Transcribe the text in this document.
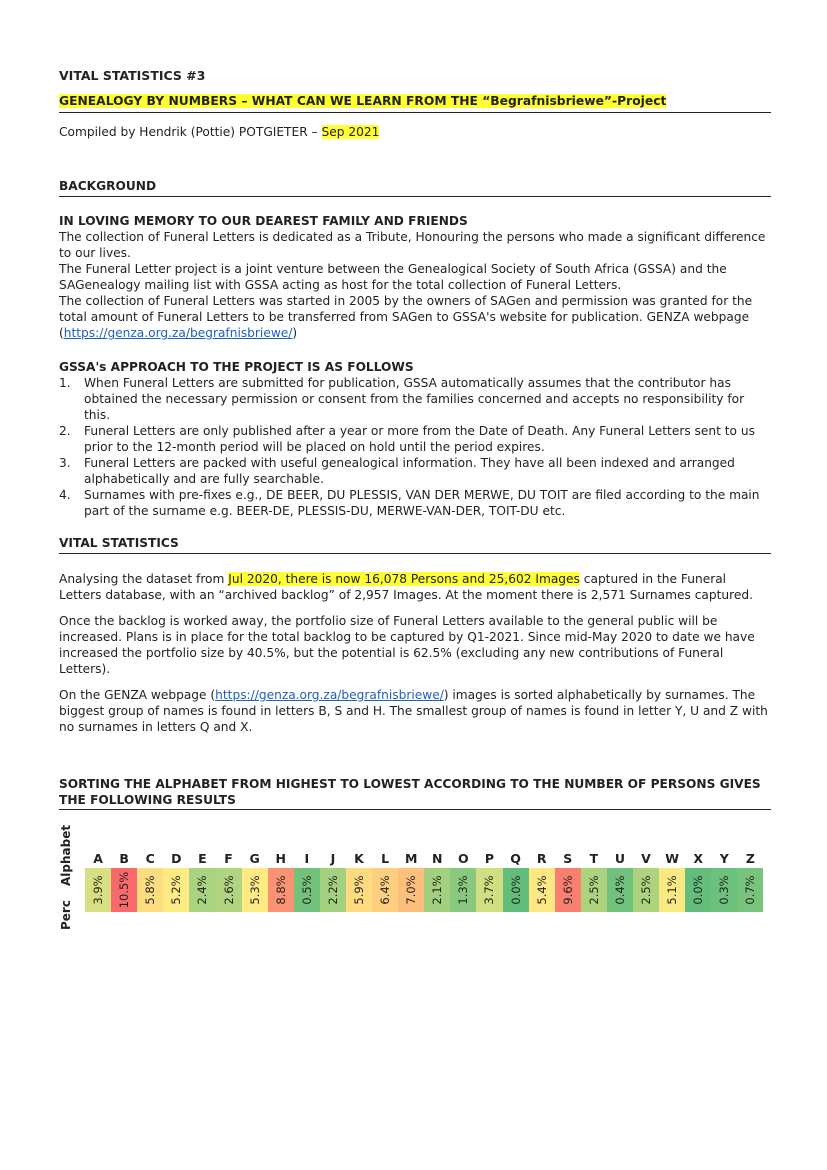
VITAL STATISTICS #3
GENEALOGY BY NUMBERS – WHAT CAN WE LEARN FROM THE “Begrafnisbriewe”-Project
Compiled by Hendrik (Pottie) POTGIETER – Sep 2021
BACKGROUND
IN LOVING MEMORY TO OUR DEAREST FAMILY AND FRIENDS

The collection of Funeral Letters is dedicated as a Tribute, Honouring the persons who made a significant difference to our lives.

The Funeral Letter project is a joint venture between the Genealogical Society of South Africa (GSSA) and the SAGenealogy mailing list with GSSA acting as host for the total collection of Funeral Letters.

The collection of Funeral Letters was started in 2005 by the owners of SAGen and permission was granted for the total amount of Funeral Letters to be transferred from SAGen to GSSA's website for publication. GENZA webpage (https://genza.org.za/begrafnisbriewe/)

GSSA's APPROACH TO THE PROJECT IS AS FOLLOWS
1. When Funeral Letters are submitted for publication, GSSA automatically assumes that the contributor has obtained the necessary permission or consent from the families concerned and accepts no responsibility for this.
2. Funeral Letters are only published after a year or more from the Date of Death. Any Funeral Letters sent to us prior to the 12-month period will be placed on hold until the period expires.
3. Funeral Letters are packed with useful genealogical information. They have all been indexed and arranged alphabetically and are fully searchable.
4. Surnames with pre-fixes e.g., DE BEER, DU PLESSIS, VAN DER MERWE, DU TOIT are filed according to the main part of the surname e.g. BEER-DE, PLESSIS-DU, MERWE-VAN-DER, TOIT-DU etc.
VITAL STATISTICS

Analysing the dataset from Jul 2020, there is now 16,078 Persons and 25,602 Images captured in the Funeral Letters database, with an “archived backlog” of 2,957 Images. At the moment there is 2,571 Surnames captured.

Once the backlog is worked away, the portfolio size of Funeral Letters available to the general public will be increased. Plans is in place for the total backlog to be captured by Q1-2021. Since mid-May 2020 to date we have increased the portfolio size by 40.5%, but the potential is 62.5% (excluding any new contributions of Funeral Letters).

On the GENZA webpage (https://genza.org.za/begrafnisbriewe/) images is sorted alphabetically by surnames. The biggest group of names is found in letters B, S and H. The smallest group of names is found in letter Y, U and Z with no surnames in letters Q and X.

SORTING THE ALPHABET FROM HIGHEST TO LOWEST ACCORDING TO THE NUMBER OF PERSONS GIVES THE FOLLOWING RESULTS
Alphabet
Perc
A	B	C	D	E	F	G	H	I	J	K	L	M	N	O	P	Q	R	S	T	U	V	W	X	Y	Z

3.9%	10.5%	5.8%	5.2%	2.4%	2.6%	5.3%	8.8%	0.5%	2.2%	5.9%	6.4%	7.0%	2.1%	1.3%	3.7%	0.0%	5.4%	9.6%	2.5%	0.4%	2.5%	5.1%	0.0%	0.3%	0.7%
